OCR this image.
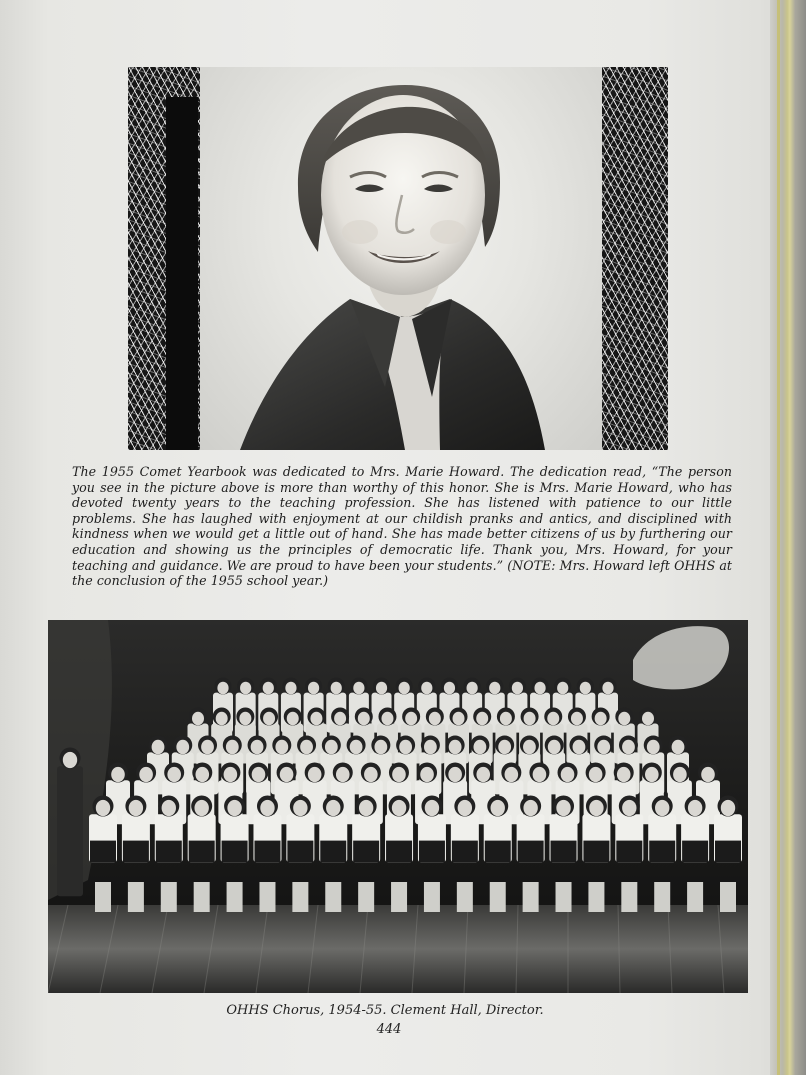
The 1955 Comet Yearbook was dedicated to Mrs. Marie Howard. The dedication read, “The person you see in the picture above is more than worthy of this honor. She is Mrs. Marie Howard, who has devoted twenty years to the teaching profession. She has listened with patience to our little problems. She has laughed with enjoyment at our childish pranks and antics, and disciplined with kindness when we would get a little out of hand. She has made better citizens of us by furthering our education and showing us the principles of democratic life. Thank you, Mrs. Howard, for your teaching and guidance. We are proud to have been your students.” (NOTE: Mrs. Howard left OHHS at the conclusion of the 1955 school year.)
OHHS Chorus, 1954-55. Clement Hall, Director.
444
